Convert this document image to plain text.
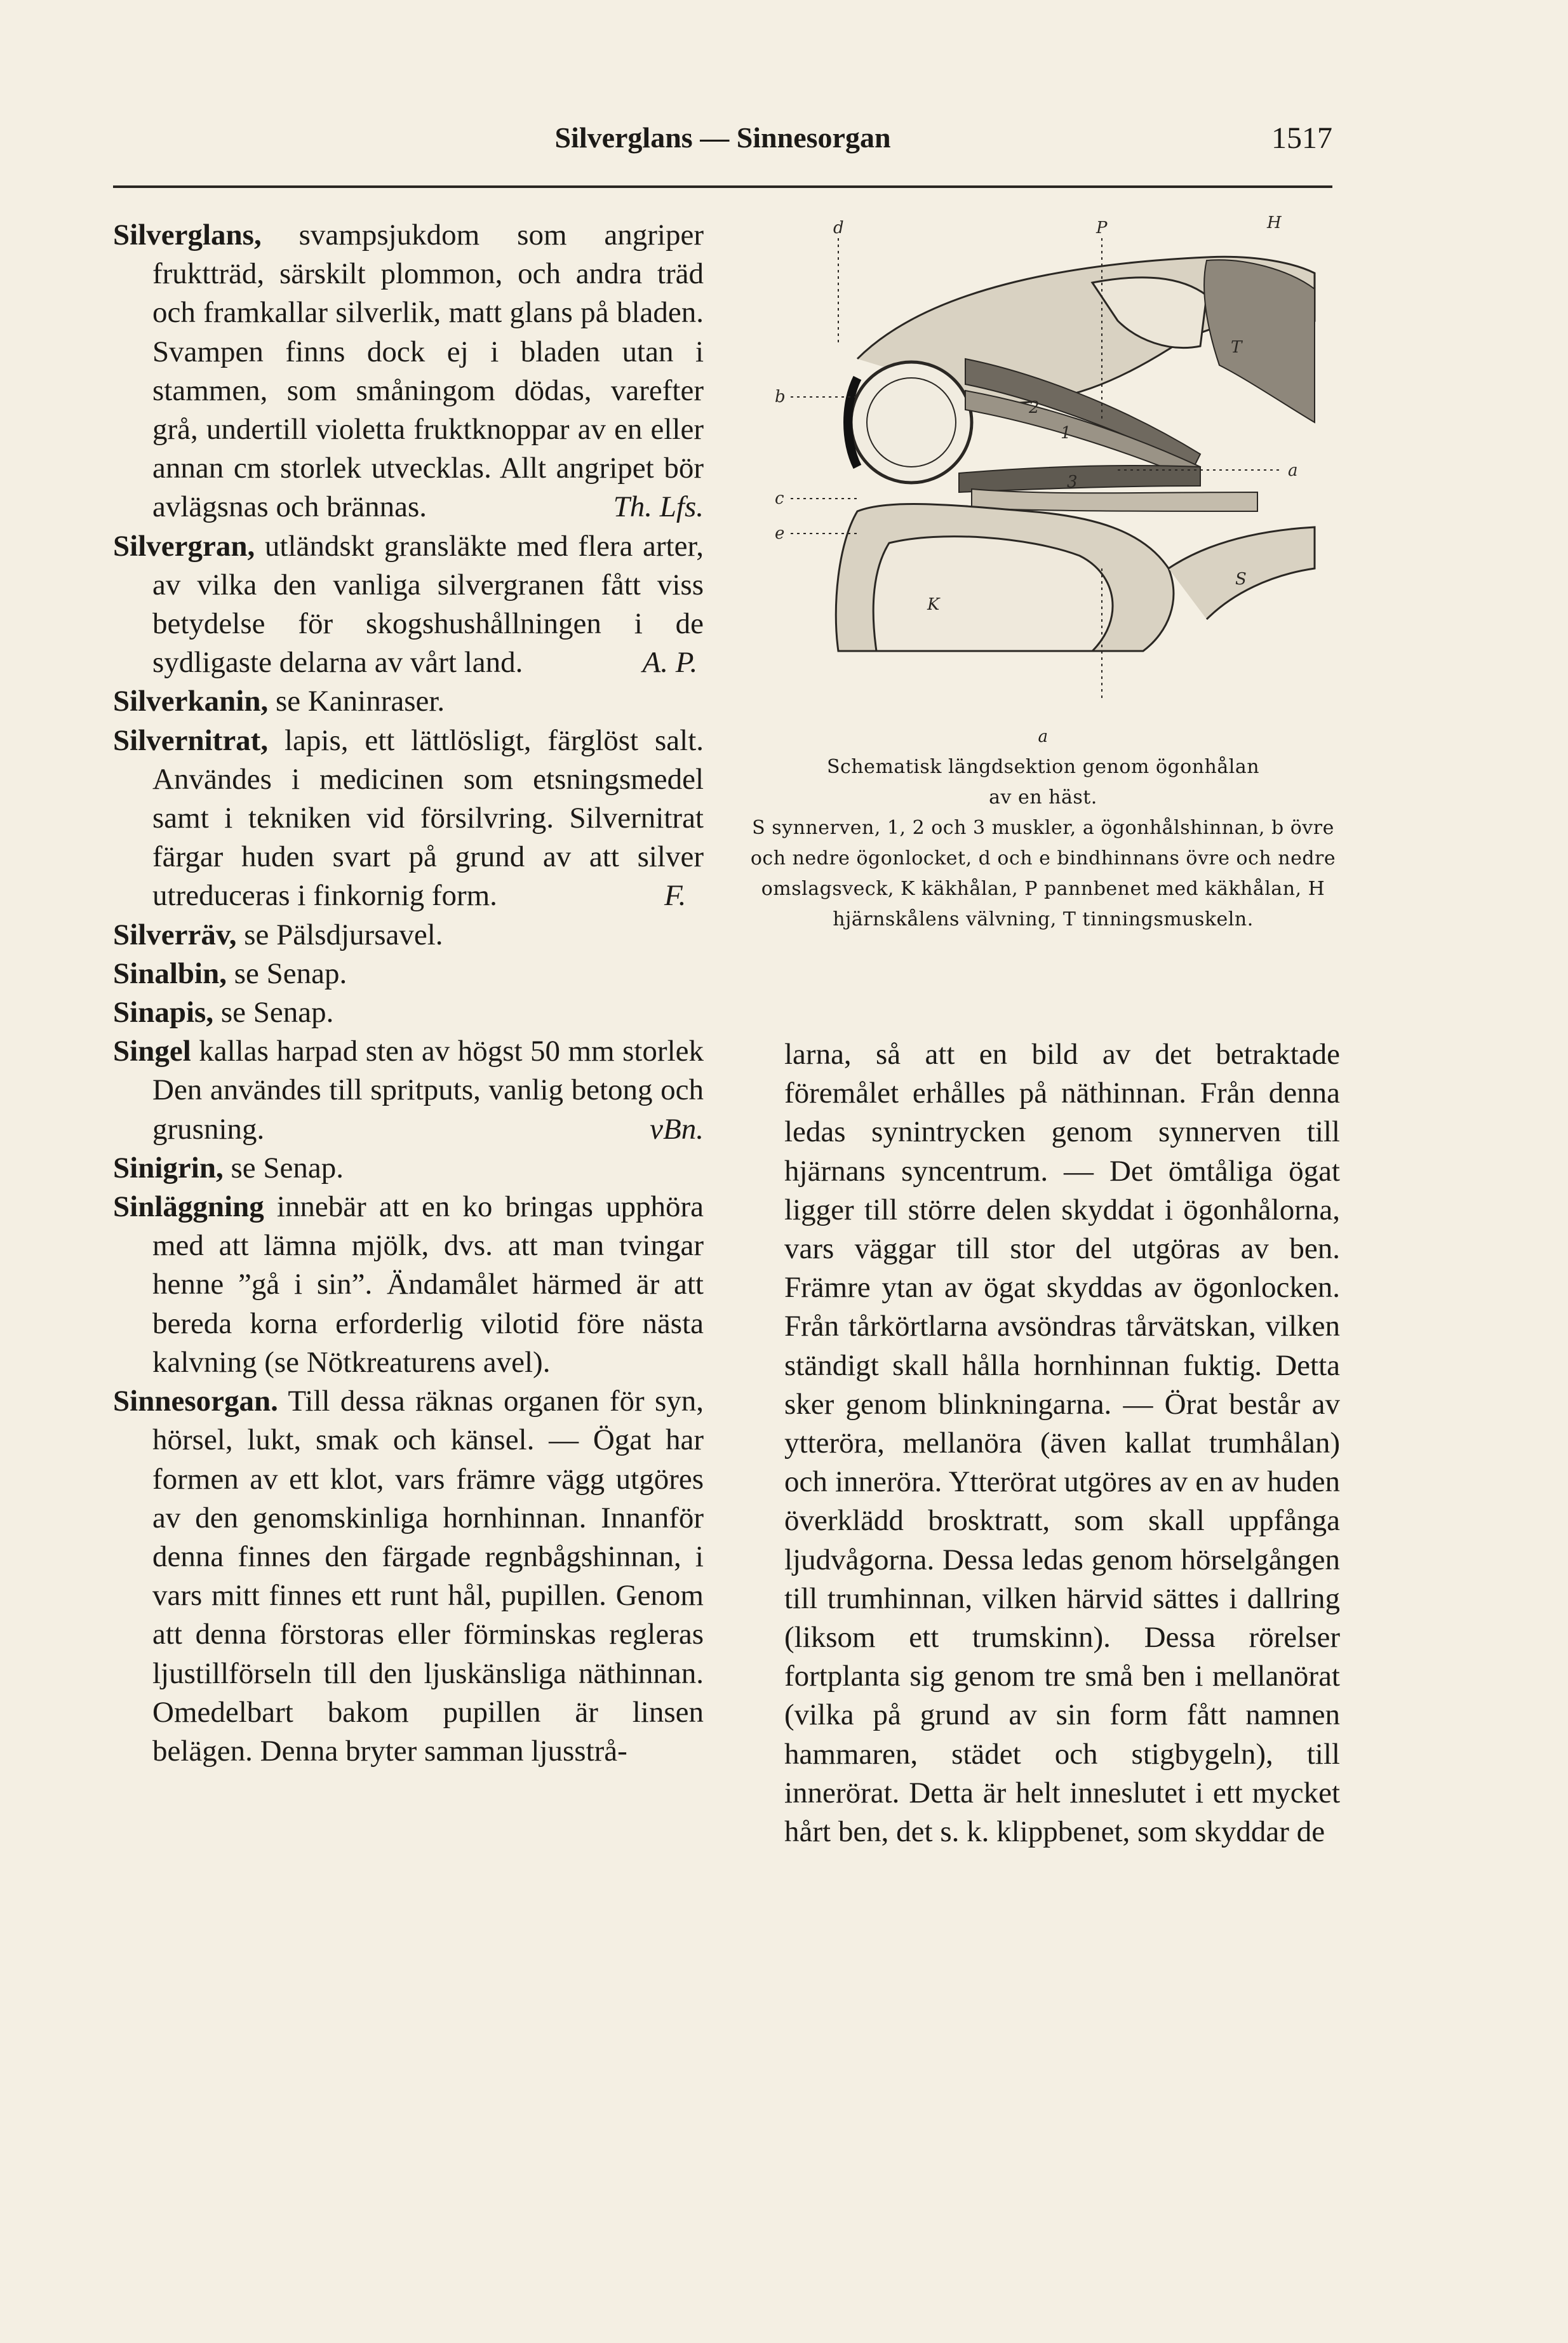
Silverglans — Sinnesorgan	1517

Silverglans, svampsjukdom som angriper fruktträd, särskilt plommon, och andra träd och framkallar silverlik, matt glans på bladen. Svampen finns dock ej i bladen utan i stammen, som småningom dödas, varefter grå, undertill violetta fruktknoppar av en eller annan cm storlek utvecklas. Allt angripet bör avlägsnas och brännas.	Th. Lfs.

Silvergran, utländskt gransläkte med flera arter, av vilka den vanliga silvergranen fått viss betydelse för skogshushållningen i de sydligaste delarna av vårt land.	A. P.

Silverkanin, se Kaninraser.

Silvernitrat, lapis, ett lättlösligt, färglöst salt. Användes i medicinen som etsningsmedel samt i tekniken vid försilvring. Silvernitrat färgar huden svart på grund av att silver utreduceras i finkornig form.	F.

Silverräv, se Pälsdjursavel.

Sinalbin, se Senap.

Sinapis, se Senap.

Singel kallas harpad sten av högst 50 mm storlek Den användes till spritputs, vanlig betong och grusning.	vBn.

Sinigrin, se Senap.

Sinläggning innebär att en ko bringas upphöra med att lämna mjölk, dvs. att man tvingar henne ”gå i sin”. Ändamålet härmed är att bereda korna erforderlig vilotid före nästa kalvning (se Nötkreaturens avel).

Sinnesorgan. Till dessa räknas organen för syn, hörsel, lukt, smak och känsel. — Ögat har formen av ett klot, vars främre vägg utgöres av den genomskinliga hornhinnan. Innanför denna finnes den färgade regnbågshinnan, i vars mitt finnes ett runt hål, pupillen. Genom att denna förstoras eller förminskas regleras ljustillförseln till den ljuskänsliga näthinnan. Omedelbart bakom pupillen är linsen belägen. Denna bryter samman ljusstrå-

d	P	H
b
a
c
e
S
K
T
1
2
3

a

Schematisk längdsektion genom ögonhålan

av en häst.

S synnerven, 1, 2 och 3 muskler, a ögonhålshinnan, b övre och nedre ögonlocket, d och e bindhinnans övre och nedre omslagsveck, K käkhålan, P pannbenet med käkhålan, H hjärnskålens välvning, T tinningsmuskeln.

larna, så att en bild av det betraktade föremålet erhålles på näthinnan. Från denna ledas synintrycken genom synnerven till hjärnans syncentrum. — Det ömtåliga ögat ligger till större delen skyddat i ögonhålorna, vars väggar till stor del utgöras av ben. Främre ytan av ögat skyddas av ögonlocken. Från tårkörtlarna avsöndras tårvätskan, vilken ständigt skall hålla hornhinnan fuktig. Detta sker genom blinkningarna. — Örat består av ytteröra, mellanöra (även kallat trumhålan) och inneröra. Ytterörat utgöres av en av huden överklädd brosktratt, som skall uppfånga ljudvågorna. Dessa ledas genom hörselgången till trumhinnan, vilken härvid sättes i dallring (liksom ett trumskinn). Dessa rörelser fortplanta sig genom tre små ben i mellanörat (vilka på grund av sin form fått namnen hammaren, städet och stigbygeln), till innerörat. Detta är helt inneslutet i ett mycket hårt ben, det s. k. klippbenet, som skyddar de
